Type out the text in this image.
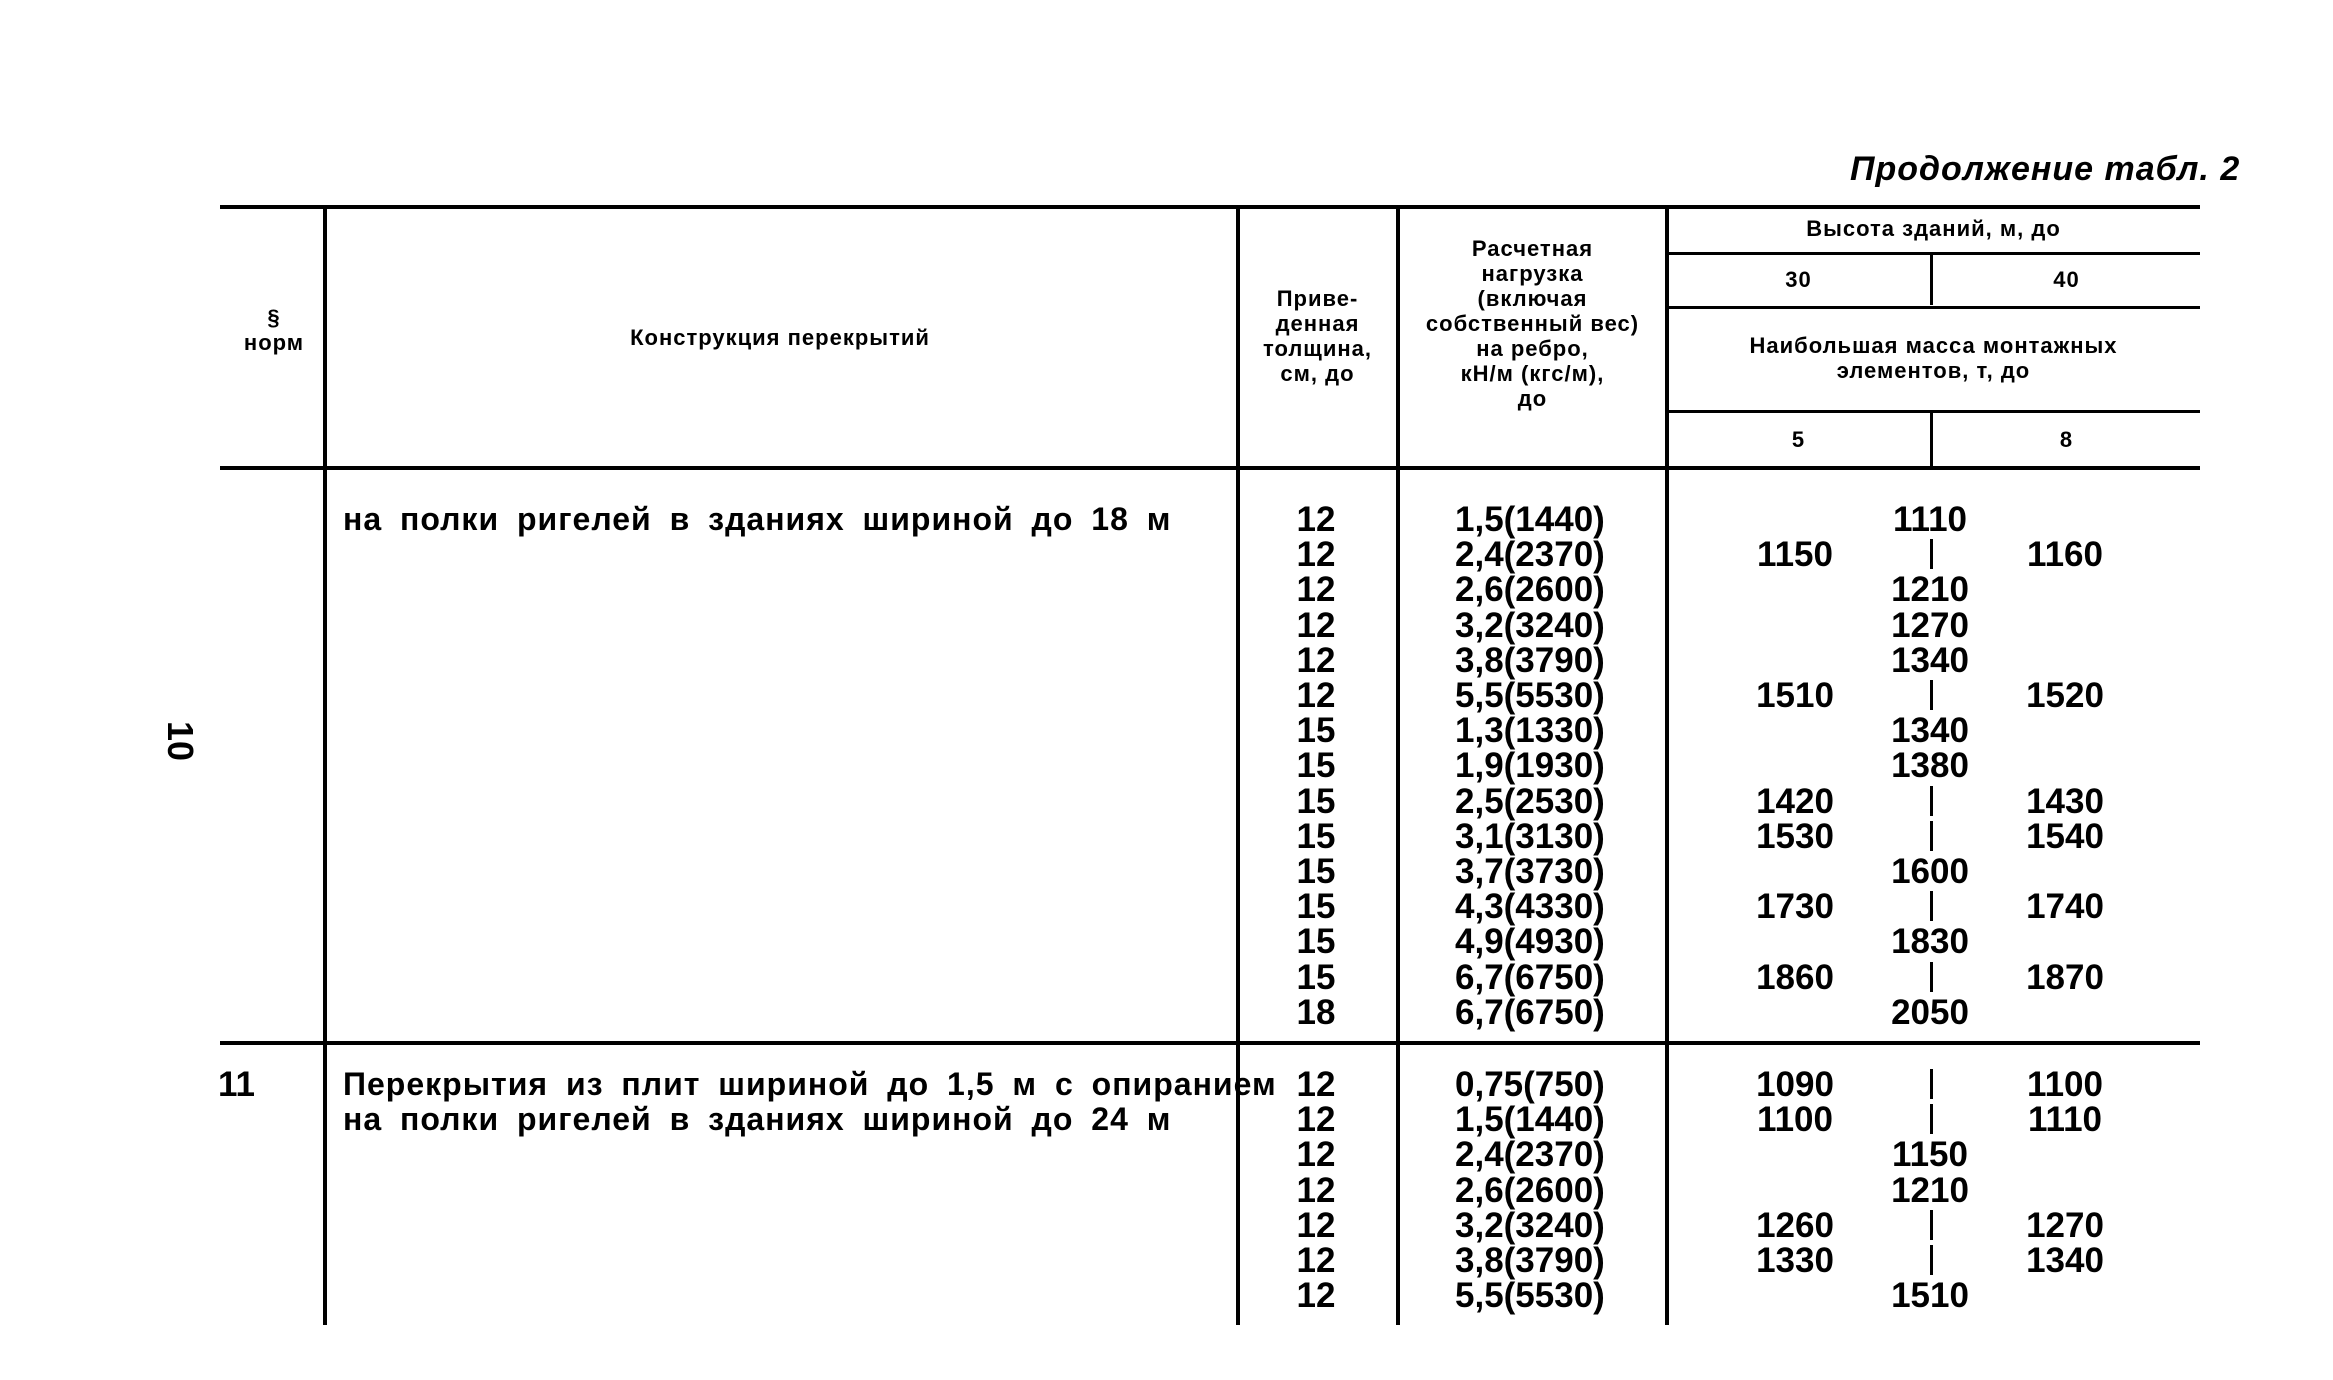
10
Продолжение табл. 2
§
норм	Конструкция перекрытий
Приве-
денная
толщина,
см, до
Расчетная
нагрузка
(включая
собственный вес)
на ребро,
кН/м (кгс/м),
до
Высота зданий, м, до
30	40
Наибольшая масса монтажных
элементов, т, до
5	8
на полки ригелей в зданиях шириной до 18 м	12	1,5(1440)	1110
12	2,4(2370)	1150	1160
12	2,6(2600)	1210
12	3,2(3240)	1270
12	3,8(3790)	1340
12	5,5(5530)	1510	1520
15	1,3(1330)	1340
15	1,9(1930)	1380
15	2,5(2530)	1420	1430
15	3,1(3130)	1530	1540
15	3,7(3730)	1600
15	4,3(4330)	1730	1740
15	4,9(4930)	1830
15	6,7(6750)	1860	1870
18	6,7(6750)	2050
11	Перекрытия из плит шириной до 1,5 м с опиранием
на полки ригелей в зданиях шириной до 24 м
12	0,75(750)	1090	1100
12	1,5(1440)	1100	1110
12	2,4(2370)	1150
12	2,6(2600)	1210
12	3,2(3240)	1260	1270
12	3,8(3790)	1330	1340
12	5,5(5530)	1510
